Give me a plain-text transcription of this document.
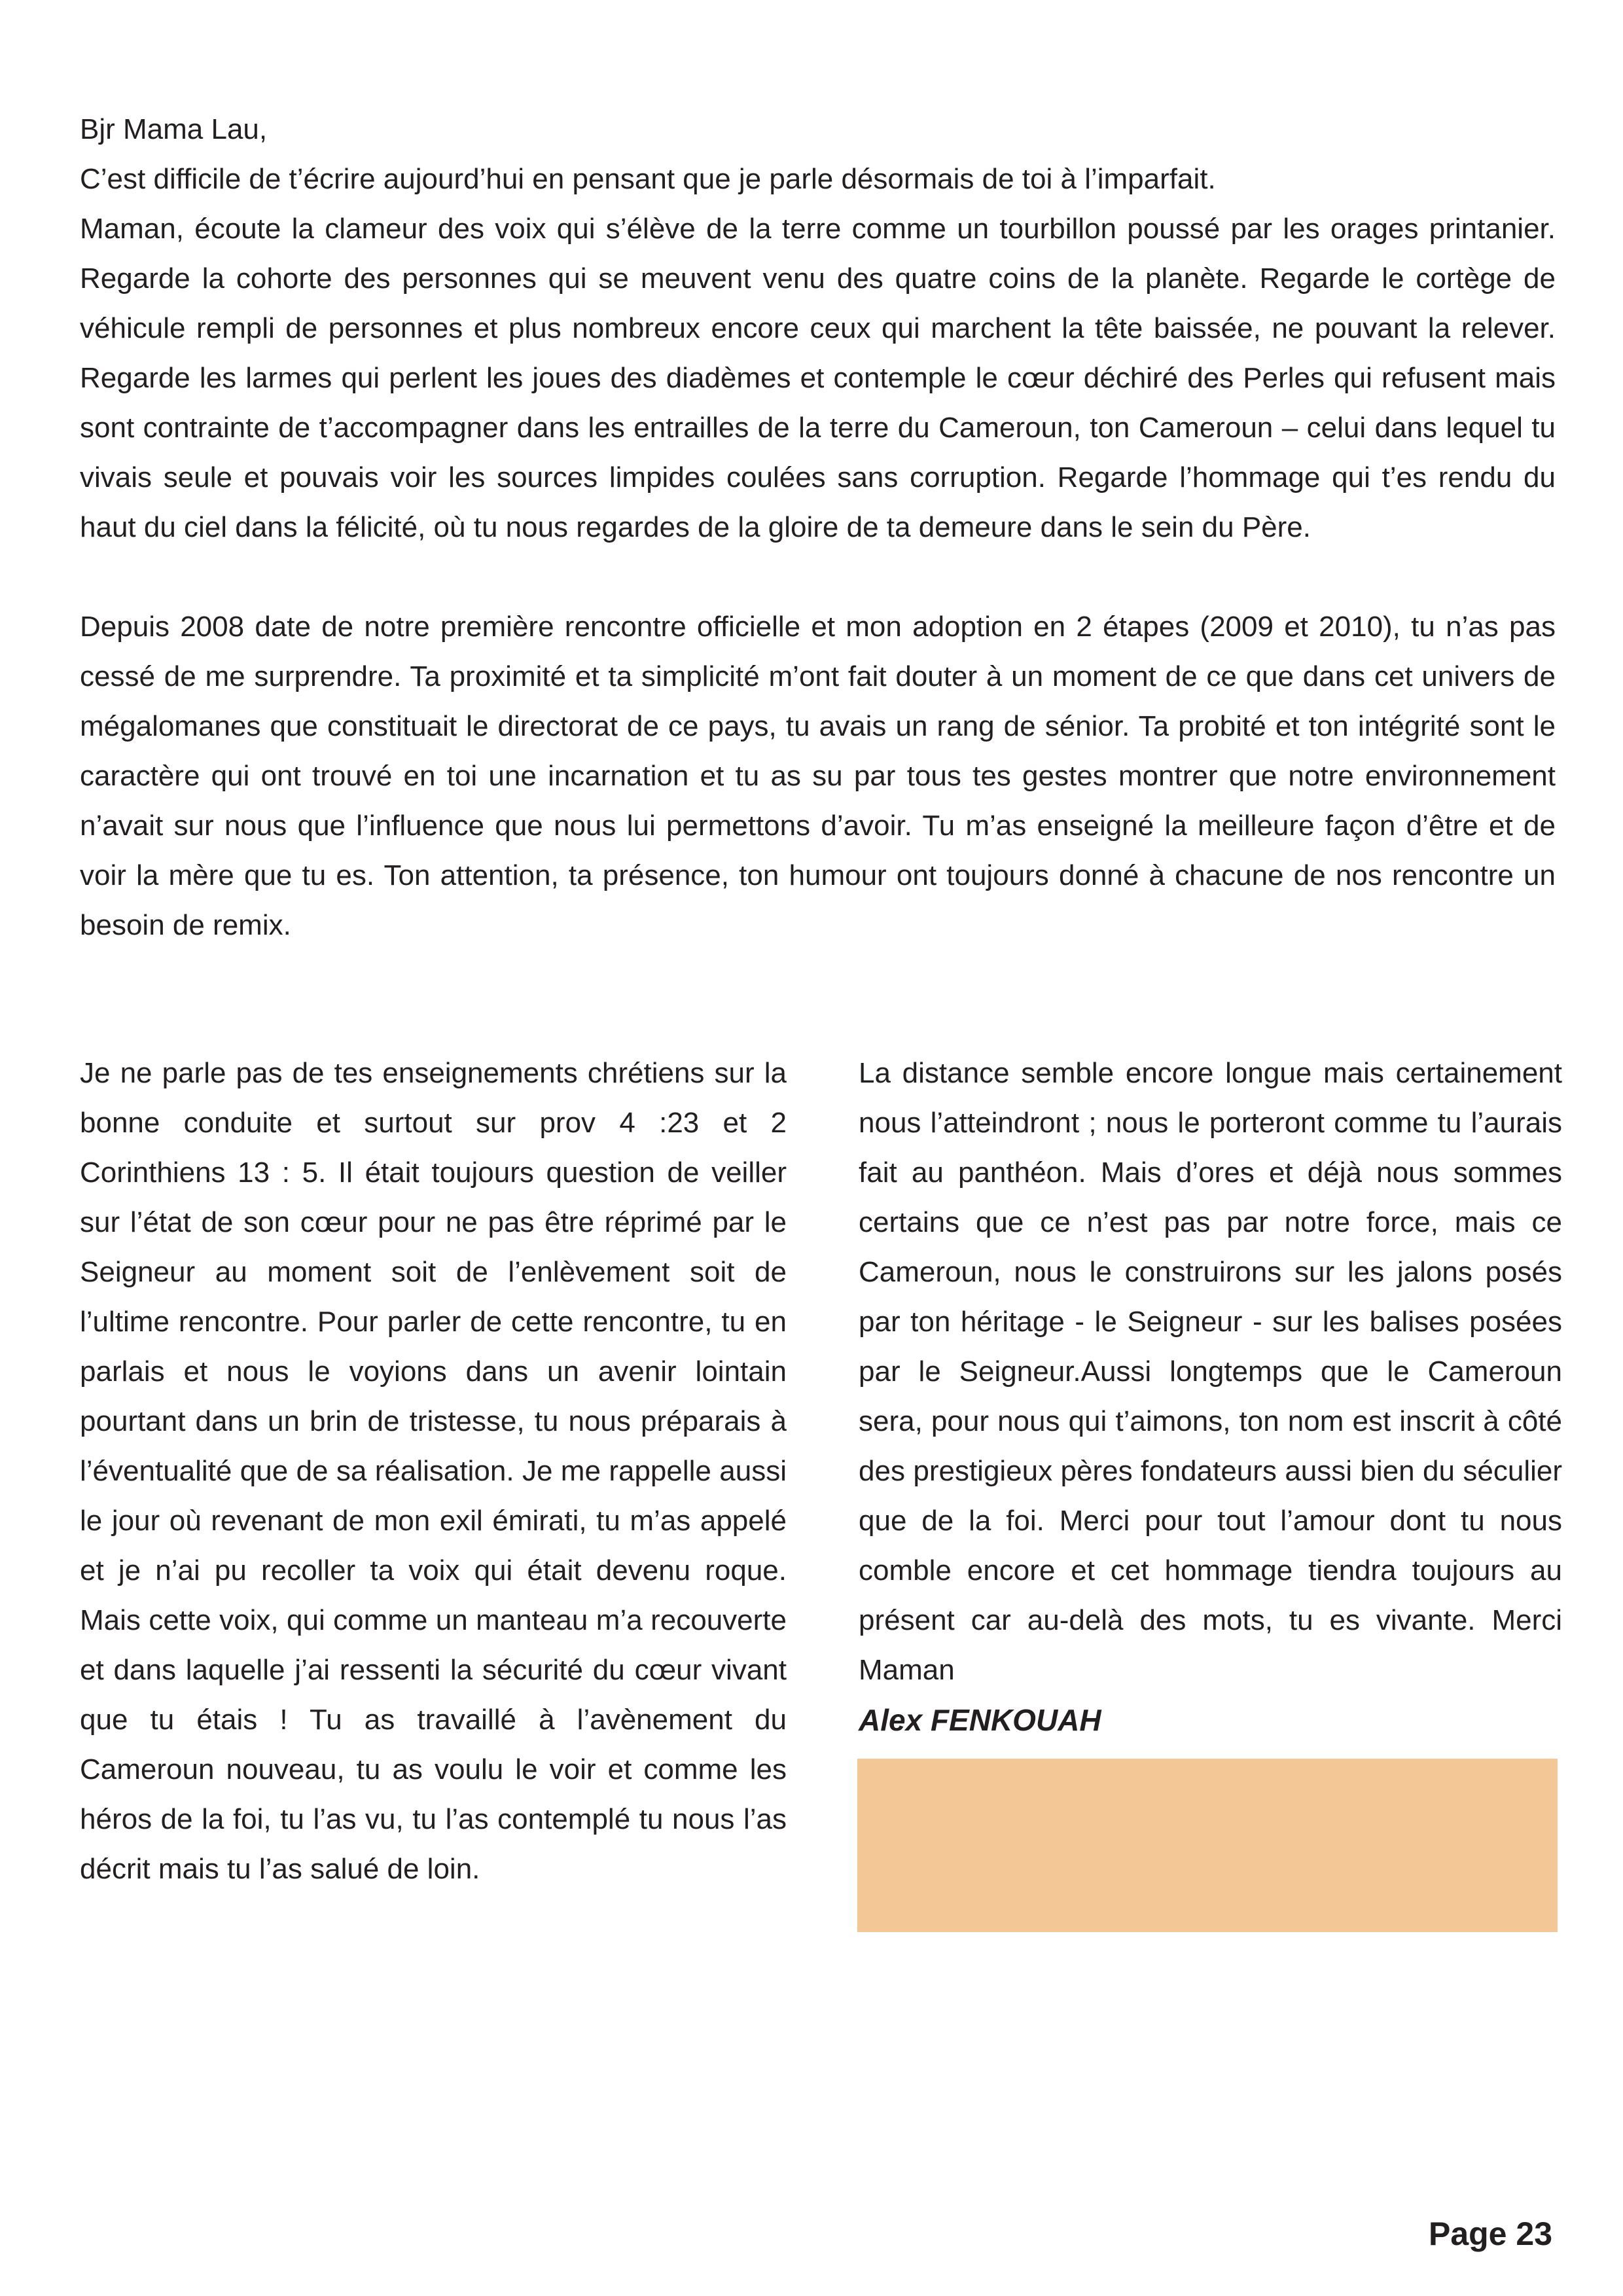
Bjr Mama Lau,

C’est difficile de t’écrire aujourd’hui en pensant que je parle désormais de toi à l’imparfait.

Maman, écoute la clameur des voix qui s’élève de la terre comme un tourbillon poussé par les orages printanier. Regarde la cohorte des personnes qui se meuvent venu des quatre coins de la planète. Regarde le cortège de véhicule rempli de personnes et plus nombreux encore ceux qui marchent la tête baissée, ne pouvant la relever. Regarde les larmes qui perlent les joues des diadèmes et contemple le cœur déchiré des Perles qui refusent mais sont contrainte de t’accompagner dans les entrailles de la terre du Cameroun, ton Cameroun – celui dans lequel tu vivais seule et pouvais voir les sources limpides coulées sans corruption. Regarde l’hommage qui t’es rendu du haut du ciel dans la félicité, où tu nous regardes de la gloire de ta demeure dans le sein du Père.

Depuis 2008 date de notre première rencontre officielle et mon adoption en 2 étapes (2009 et 2010), tu n’as pas cessé de me surprendre. Ta proximité et ta simplicité m’ont fait douter à un moment de ce que dans cet univers de mégalomanes que constituait le directorat de ce pays, tu avais un rang de sénior. Ta probité et ton intégrité sont le caractère qui ont trouvé en toi une incarnation et tu as su par tous tes gestes montrer que notre environnement n’avait sur nous que l’influence que nous lui permettons d’avoir. Tu m’as enseigné la meilleure façon d’être et de voir la mère que tu es. Ton attention, ta présence, ton humour ont toujours donné à chacune de nos rencontre un besoin de remix.

Je ne parle pas de tes enseignements chrétiens sur la bonne conduite et surtout sur prov 4 :23 et 2 Corinthiens 13 : 5. Il était toujours question de veiller sur l’état de son cœur pour ne pas être réprimé par le Seigneur au moment soit de l’enlèvement soit de l’ultime rencontre. Pour parler de cette rencontre, tu en parlais et nous le voyions dans un avenir lointain pourtant dans un brin de tristesse, tu nous préparais à l’éventualité que de sa réalisation. Je me rappelle aussi le jour où revenant de mon exil émirati, tu m’as appelé et je n’ai pu recoller ta voix qui était devenu roque. Mais cette voix, qui comme un manteau m’a recouverte et dans laquelle j’ai ressenti la sécurité du cœur vivant que tu étais ! Tu as travaillé à l’avènement du Cameroun nouveau, tu as voulu le voir et comme les héros de la foi, tu l’as vu, tu l’as contemplé tu nous l’as décrit mais tu l’as salué de loin.

La distance semble encore longue mais certainement nous l’atteindront ; nous le porteront comme tu l’aurais fait au panthéon. Mais d’ores et déjà nous sommes certains que ce n’est pas par notre force, mais ce Cameroun, nous le construirons sur les jalons posés par ton héritage - le Seigneur - sur les balises posées par le Seigneur.Aussi longtemps que le Cameroun sera, pour nous qui t’aimons, ton nom est inscrit à côté des prestigieux pères fondateurs aussi bien du séculier que de la foi. Merci pour tout l’amour dont tu nous comble encore et cet hommage tiendra toujours au présent car au-delà des mots, tu es vivante. Merci Maman

Alex FENKOUAH

Page 23
